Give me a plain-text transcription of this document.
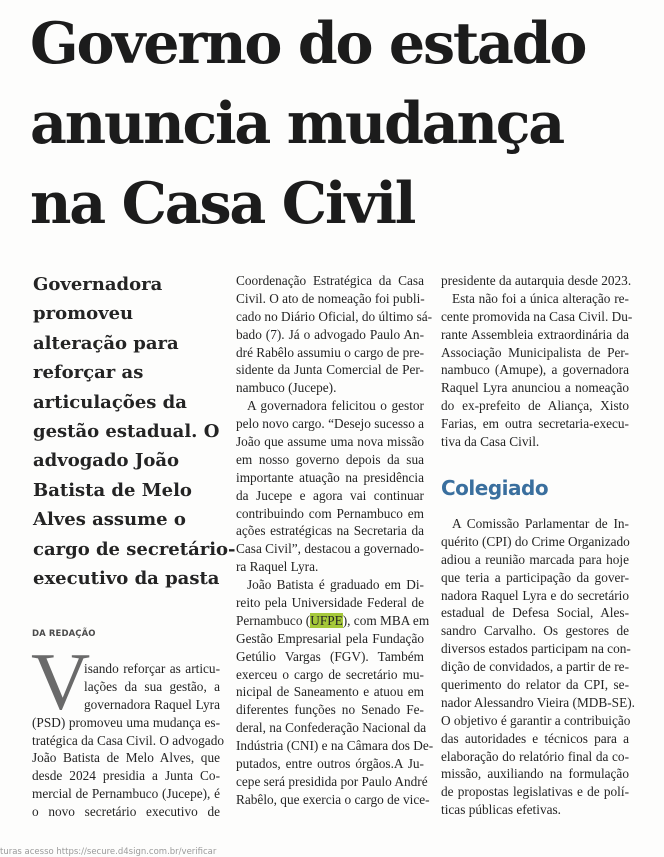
Governo do estado
anuncia mudança
na Casa Civil
Governadora
promoveu
alteração para
reforçar as
articulações da
gestão estadual. O
advogado João
Batista de Melo
Alves assume o
cargo de secretário-
executivo da pasta
DA REDAÇÃO
V
isando reforçar as articu-
lações da sua gestão, a
governadora Raquel Lyra
(PSD) promoveu uma mudança es-
tratégica da Casa Civil. O advogado
João Batista de Melo Alves, que
desde 2024 presidia a Junta Co-
mercial de Pernambuco (Jucepe), é
o novo secretário executivo de
Coordenação Estratégica da Casa
Civil. O ato de nomeação foi publi-
cado no Diário Oficial, do último sá-
bado (7). Já o advogado Paulo An-
dré Rabêlo assumiu o cargo de pre-
sidente da Junta Comercial de Per-
nambuco (Jucepe).
A governadora felicitou o gestor
pelo novo cargo. “Desejo sucesso a
João que assume uma nova missão
em nosso governo depois da sua
importante atuação na presidência
da Jucepe e agora vai continuar
contribuindo com Pernambuco em
ações estratégicas na Secretaria da
Casa Civil”, destacou a governado-
ra Raquel Lyra.
João Batista é graduado em Di-
reito pela Universidade Federal de
Pernambuco (UFPE), com MBA em
Gestão Empresarial pela Fundação
Getúlio Vargas (FGV). Também
exerceu o cargo de secretário mu-
nicipal de Saneamento e atuou em
diferentes funções no Senado Fe-
deral, na Confederação Nacional da
Indústria (CNI) e na Câmara dos De-
putados, entre outros órgãos.A Ju-
cepe será presidida por Paulo André
Rabêlo, que exercia o cargo de vice-
presidente da autarquia desde 2023.
Esta não foi a única alteração re-
cente promovida na Casa Civil. Du-
rante Assembleia extraordinária da
Associação Municipalista de Per-
nambuco (Amupe), a governadora
Raquel Lyra anunciou a nomeação
do ex-prefeito de Aliança, Xisto
Farias, em outra secretaria-execu-
tiva da Casa Civil.
Colegiado
A Comissão Parlamentar de In-
quérito (CPI) do Crime Organizado
adiou a reunião marcada para hoje
que teria a participação da gover-
nadora Raquel Lyra e do secretário
estadual de Defesa Social, Ales-
sandro Carvalho. Os gestores de
diversos estados participam na con-
dição de convidados, a partir de re-
querimento do relator da CPI, se-
nador Alessandro Vieira (MDB-SE).
O objetivo é garantir a contribuição
das autoridades e técnicos para a
elaboração do relatório final da co-
missão, auxiliando na formulação
de propostas legislativas e de polí-
ticas públicas efetivas.
turas acesso https://secure.d4sign.com.br/verificar
